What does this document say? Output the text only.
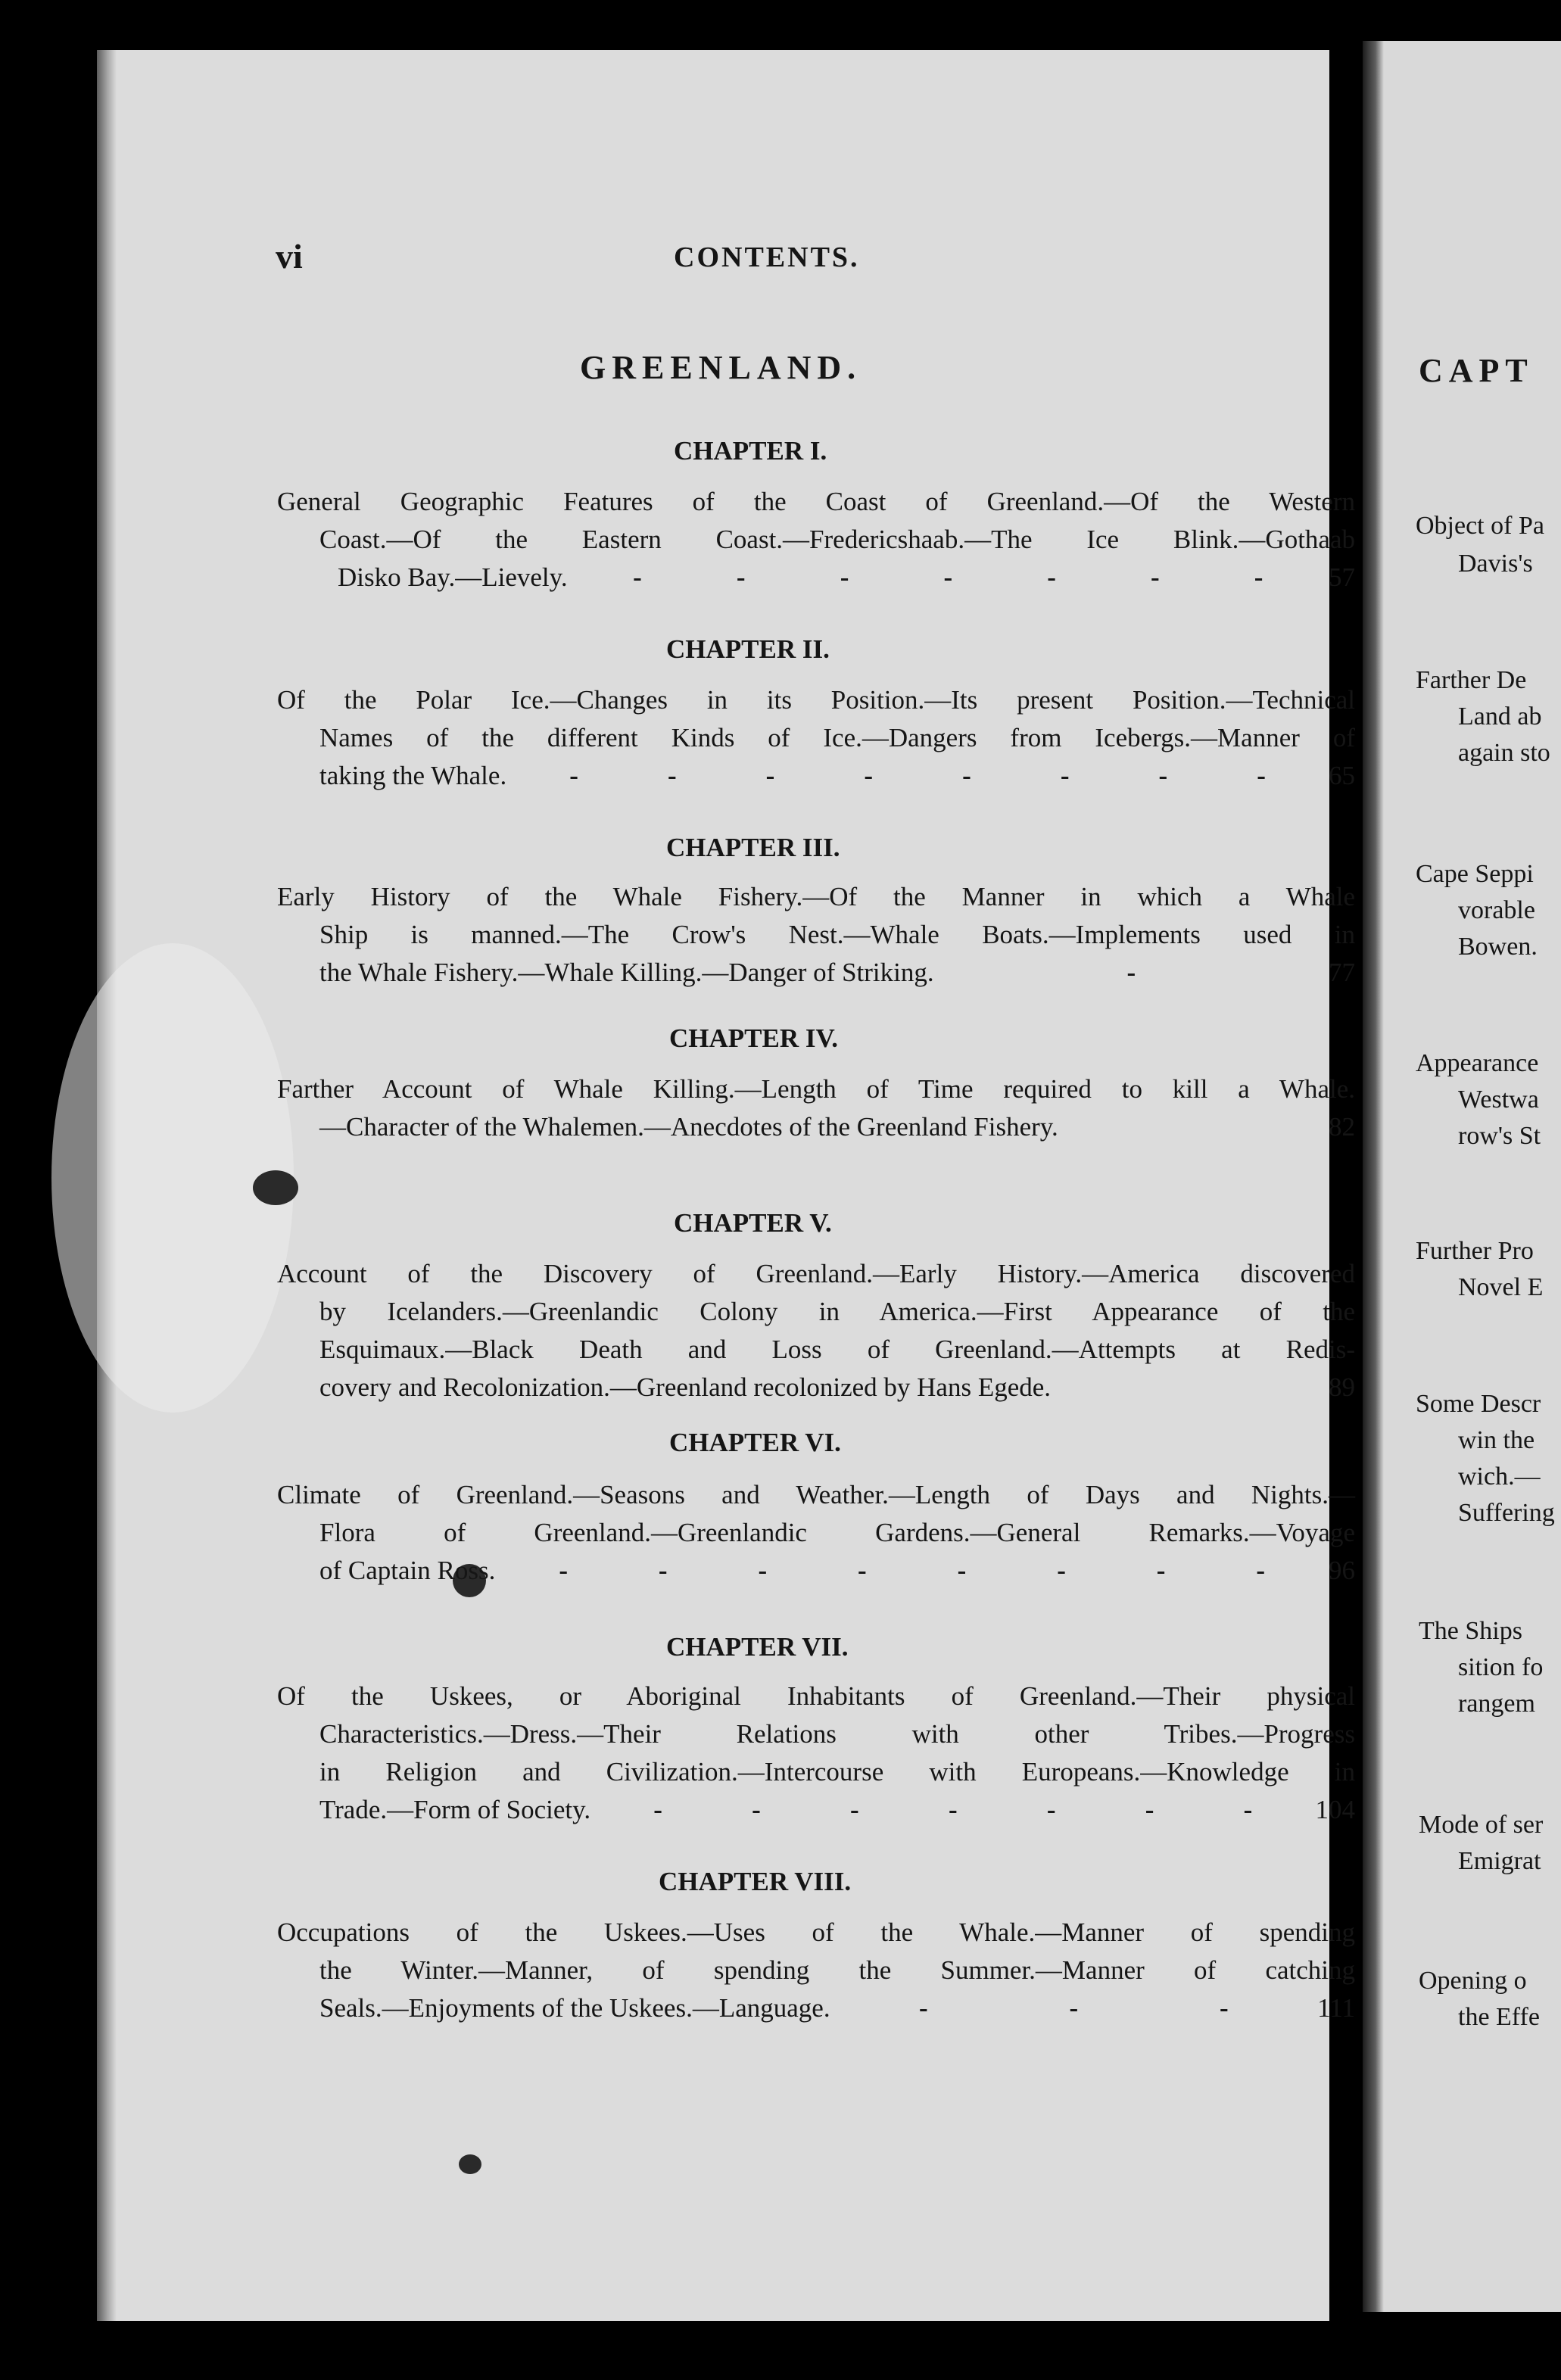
vi	CONTENTS.
GREENLAND.
CHAPTER I.
General Geographic Features of the Coast of Greenland.—Of the Western
Coast.—Of the Eastern Coast.—Fredericshaab.—The Ice Blink.—Gothaab
Disko Bay.—Lievely. -	-	-	-	-	-	- 57
CHAPTER II.
Of the Polar Ice.—Changes in its Position.—Its present Position.—Technical
Names of the different Kinds of Ice.—Dangers from Icebergs.—Manner of
taking the Whale. -	-	-	-	-	-	-	- 65
CHAPTER III.
Early History of the Whale Fishery.—Of the Manner in which a Whale
Ship is manned.—The Crow's Nest.—Whale Boats.—Implements used in
the Whale Fishery.—Whale Killing.—Danger of Striking.	-	77
CHAPTER IV.
Farther Account of Whale Killing.—Length of Time required to kill a Whale.
—Character of the Whalemen.—Anecdotes of the Greenland Fishery.	82
CHAPTER V.
Account of the Discovery of Greenland.—Early History.—America discovered
by Icelanders.—Greenlandic Colony in America.—First Appearance of the
Esquimaux.—Black Death and Loss of Greenland.—Attempts at Redis-
covery and Recolonization.—Greenland recolonized by Hans Egede.	89
CHAPTER VI.
Climate of Greenland.—Seasons and Weather.—Length of Days and Nights.—
Flora of Greenland.—Greenlandic Gardens.—General Remarks.—Voyage
of Captain Ross. -	-	-	-	-	-	-	- 96
CHAPTER VII.
Of the Uskees, or Aboriginal Inhabitants of Greenland.—Their physical
Characteristics.—Dress.—Their Relations with other Tribes.—Progress
in Religion and Civilization.—Intercourse with Europeans.—Knowledge in
Trade.—Form of Society. -	-	-	-	-	-	- 104
CHAPTER VIII.
Occupations of the Uskees.—Uses of the Whale.—Manner of spending
the Winter.—Manner, of spending the Summer.—Manner of catching
Seals.—Enjoyments of the Uskees.—Language.	-	-	-	111
CAPT
Object of Pa
Davis's
Farther De
Land ab
again sto
Cape Seppi
vorable
Bowen.
Appearance
Westwa
row's St
Further Pro
Novel E
Some Descr
win the
wich.—
Suffering
The Ships
sition fo
rangem
Mode of ser
Emigrat
Opening o
the Effe
